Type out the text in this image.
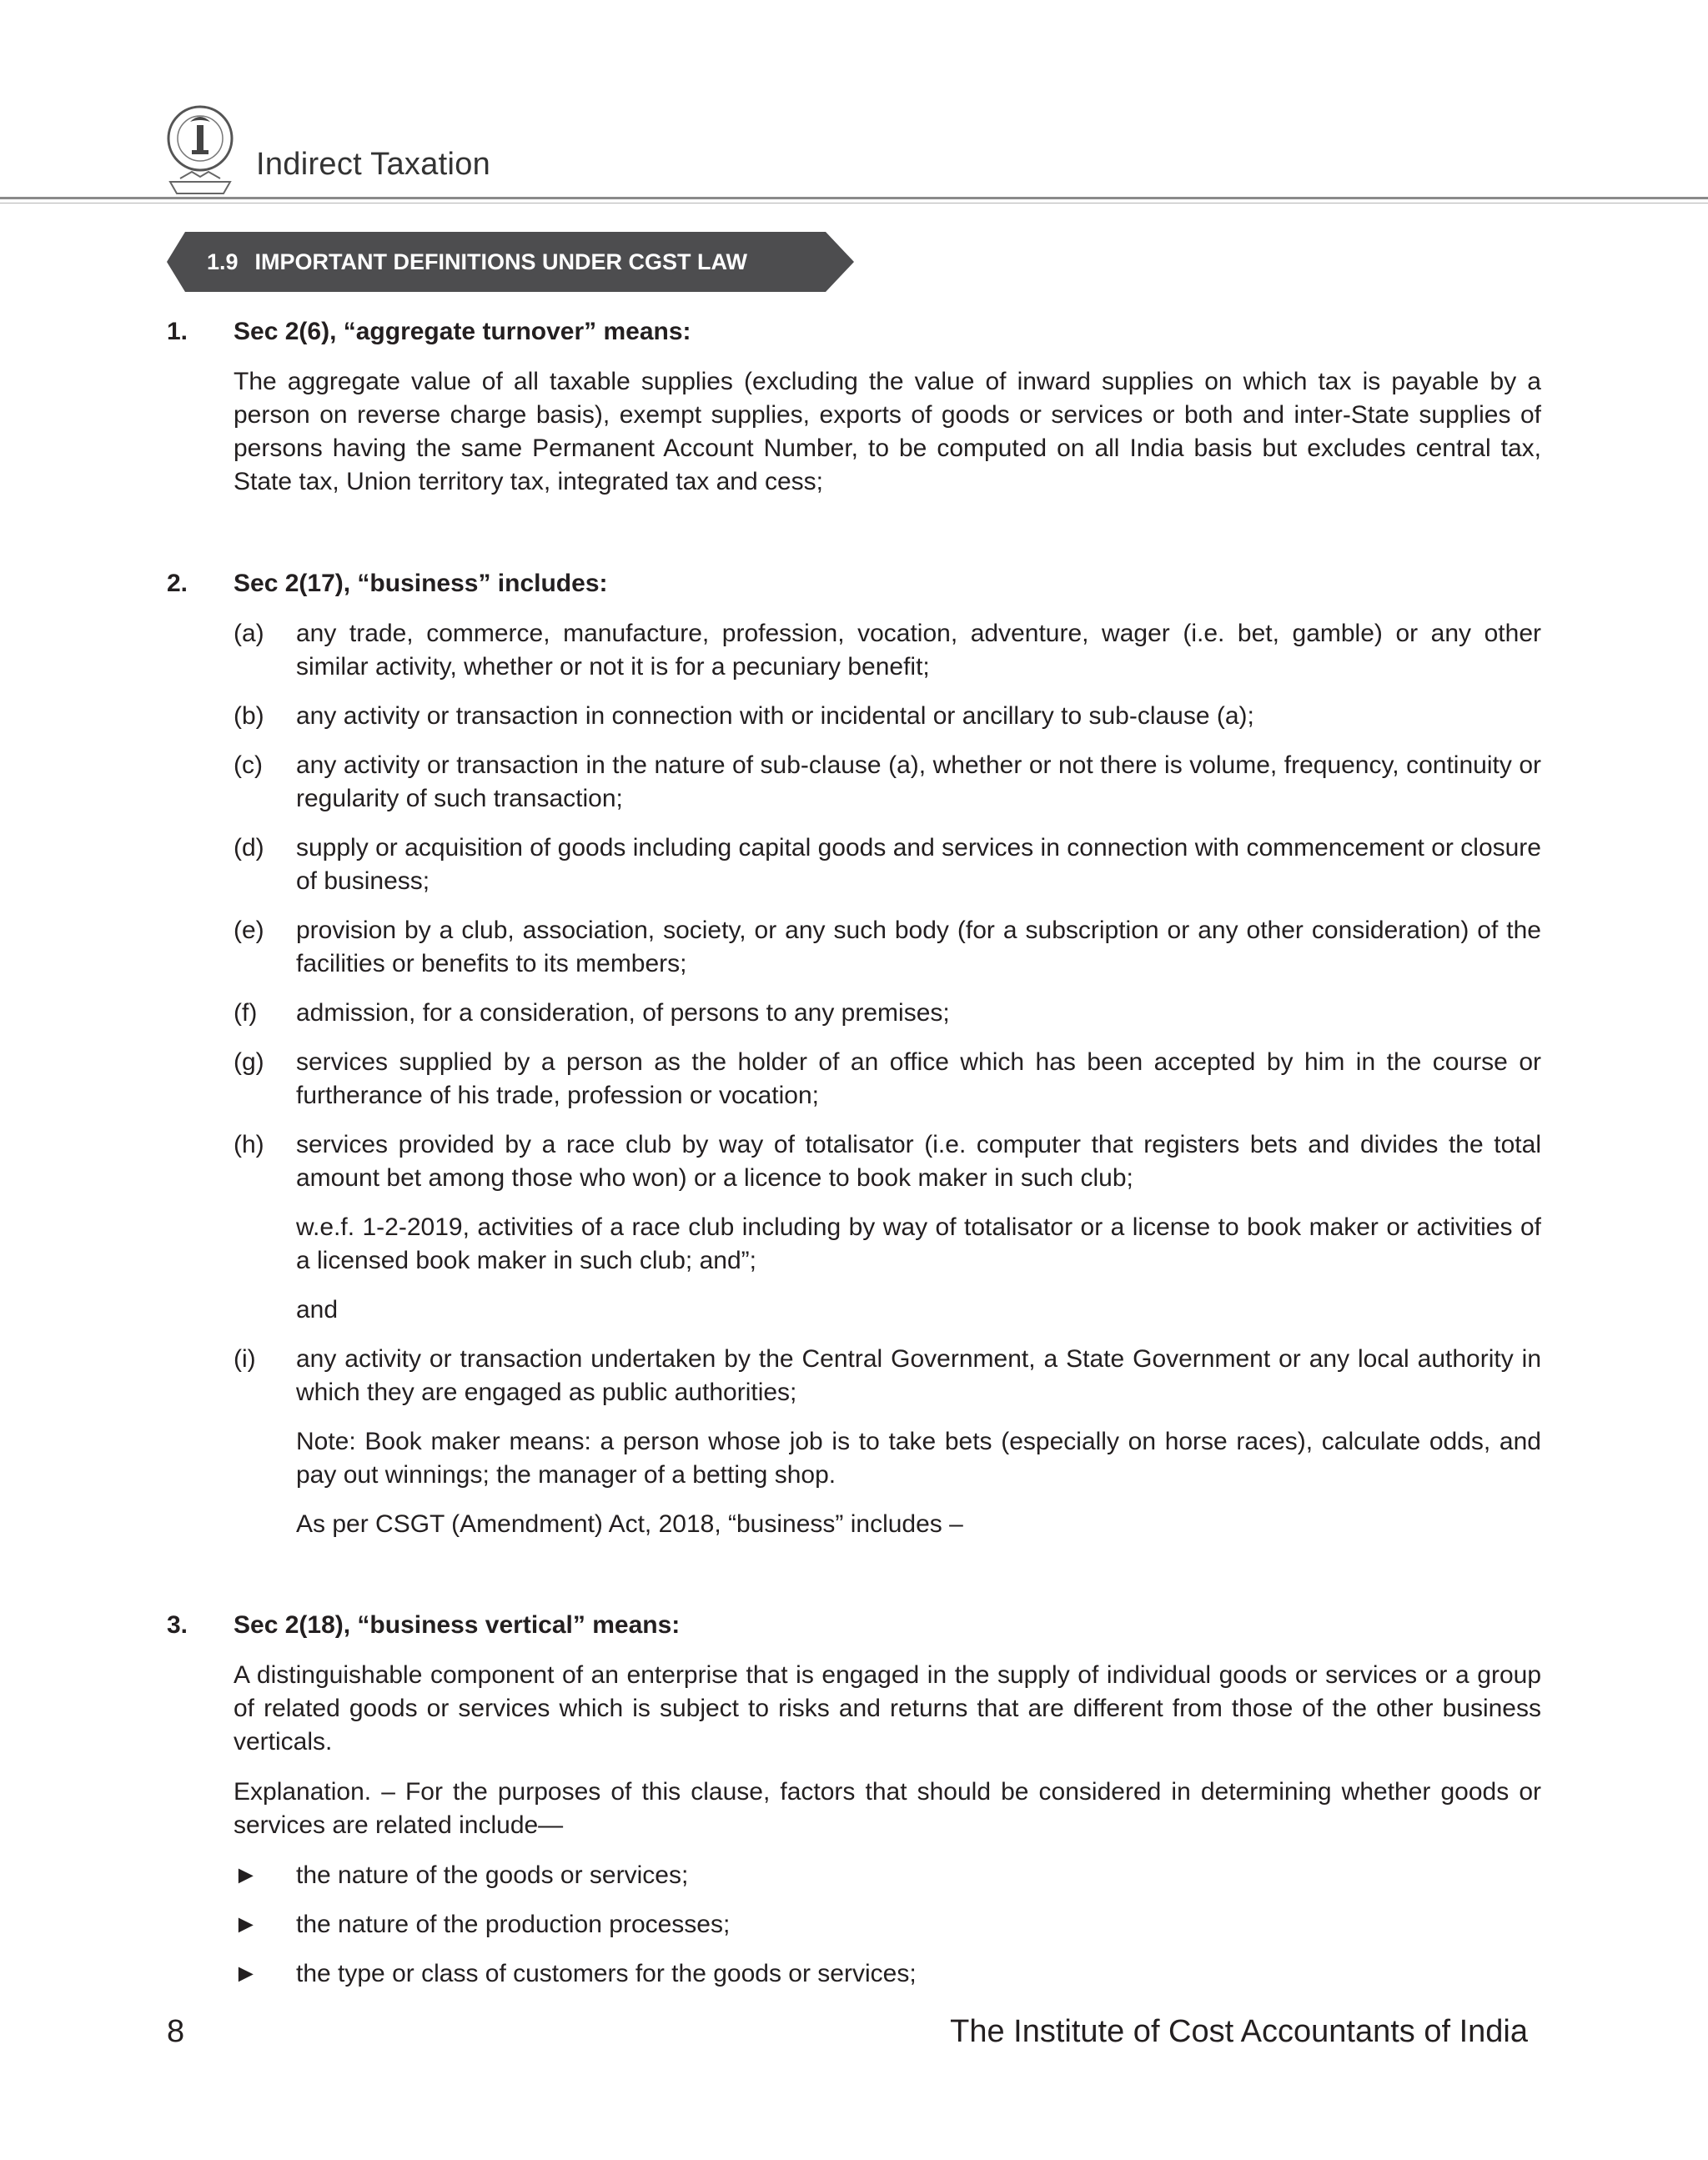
Indirect Taxation
1.9 IMPORTANT DEFINITIONS UNDER CGST LAW
1. Sec 2(6), “aggregate turnover” means:

The aggregate value of all taxable supplies (excluding the value of inward supplies on which tax is payable by a person on reverse charge basis), exempt supplies, exports of goods or services or both and inter-State supplies of persons having the same Permanent Account Number, to be computed on all India basis but excludes central tax, State tax, Union territory tax, integrated tax and cess;

2. Sec 2(17), “business” includes:
(a) any trade, commerce, manufacture, profession, vocation, adventure, wager (i.e. bet, gamble) or any other similar activity, whether or not it is for a pecuniary benefit;
(b) any activity or transaction in connection with or incidental or ancillary to sub-clause (a);
(c) any activity or transaction in the nature of sub-clause (a), whether or not there is volume, frequency, continuity or regularity of such transaction;
(d) supply or acquisition of goods including capital goods and services in connection with commencement or closure of business;
(e) provision by a club, association, society, or any such body (for a subscription or any other consideration) of the facilities or benefits to its members;
(f) admission, for a consideration, of persons to any premises;
(g) services supplied by a person as the holder of an office which has been accepted by him in the course or furtherance of his trade, profession or vocation;
(h) services provided by a race club by way of totalisator (i.e. computer that registers bets and divides the total amount bet among those who won) or a licence to book maker in such club;
w.e.f. 1-2-2019, activities of a race club including by way of totalisator or a license to book maker or activities of a licensed book maker in such club; and”;
and
(i) any activity or transaction undertaken by the Central Government, a State Government or any local authority in which they are engaged as public authorities;
Note: Book maker means: a person whose job is to take bets (especially on horse races), calculate odds, and pay out winnings; the manager of a betting shop.
As per CSGT (Amendment) Act, 2018, “business” includes –
3. Sec 2(18), “business vertical” means:

A distinguishable component of an enterprise that is engaged in the supply of individual goods or services or a group of related goods or services which is subject to risks and returns that are different from those of the other business verticals.

Explanation. – For the purposes of this clause, factors that should be considered in determining whether goods or services are related include—

► the nature of the goods or services;
► the nature of the production processes;
► the type or class of customers for the goods or services;
8	The Institute of Cost Accountants of India
